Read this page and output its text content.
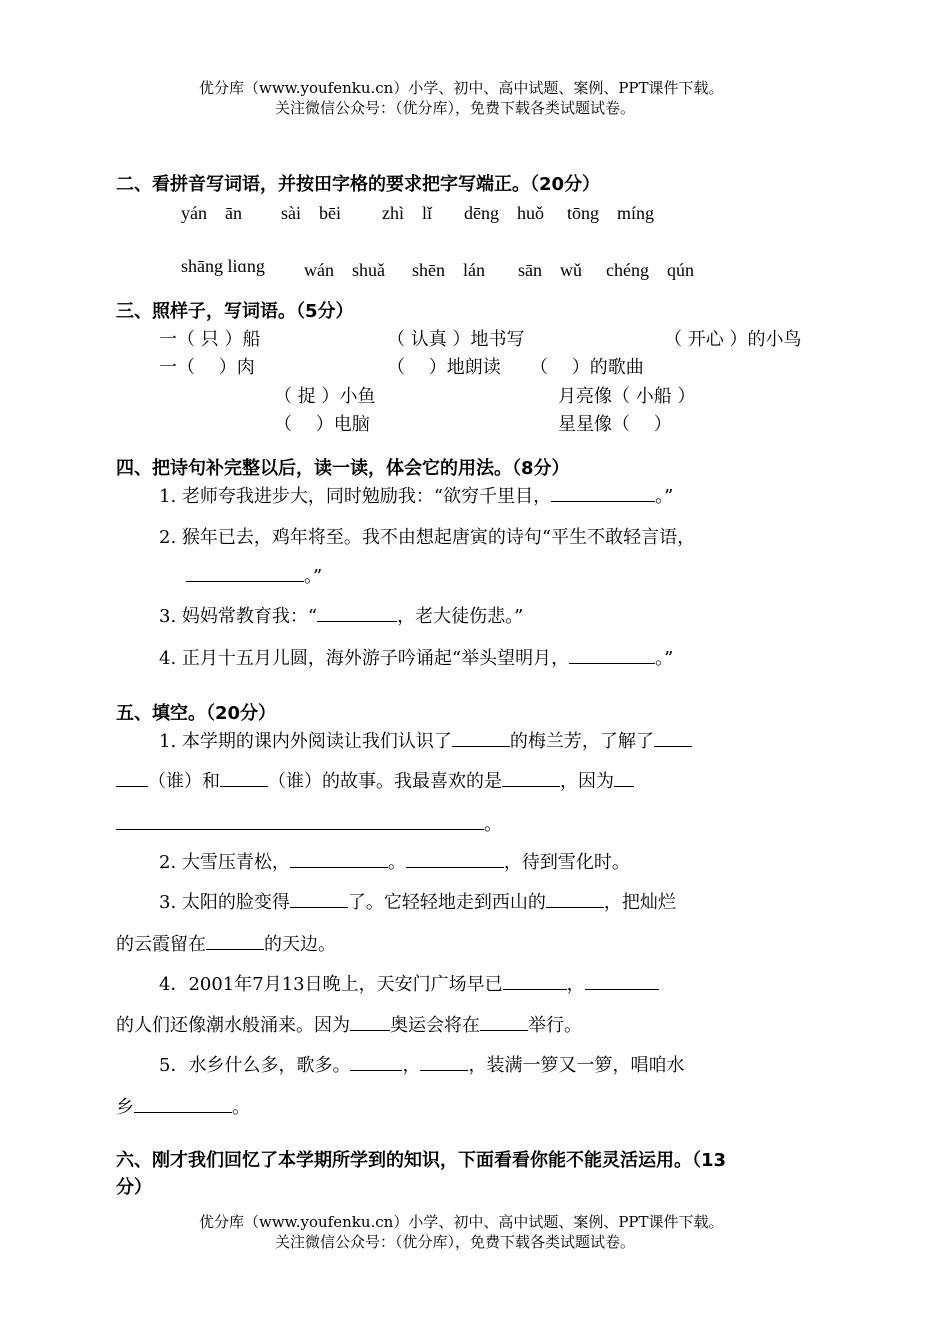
优分库（www.youfenku.cn）小学、初中、高中试题、案例、PPT课件下载。
关注微信公众号：（优分库），免费下载各类试题试卷。
二、看拼音写词语，并按田字格的要求把字写端正。（20分）
yán　ān sài　bēi zhì　lǐ dēng　huǒ tōng　míng
shāng liɑng wán　shuǎ shēn　lán sān　wǔ chéng　qún
三、照样子，写词语。（5分）
一（ 只 ）船	（ 认真 ）地书写	（ 开心 ）的小鸟
一（　 ）肉	（　 ）地朗读 （　 ）的歌曲
（ 捉 ）小鱼	月亮像（ 小船 ）
（　 ）电脑	星星像（　 ）
四、把诗句补完整以后，读一读，体会它的用法。（8分）
1. 老师夸我进步大，同时勉励我：“欲穷千里目，	。”
2. 猴年已去，鸡年将至。我不由想起唐寅的诗句“平生不敢轻言语，
。”
3. 妈妈常教育我：“	，老大徒伤悲。”
4. 正月十五月儿圆，海外游子吟诵起“举头望明月，	。”
五、填空。（20分）
1. 本学期的课内外阅读让我们认识了	的梅兰芳，了解了
（谁）和	（谁）的故事。我最喜欢的是	，因为
。
2. 大雪压青松，	。	，待到雪化时。
3. 太阳的脸变得	了。它轻轻地走到西山的	，把灿烂
的云霞留在	的天边。
4．2001年7月13日晚上，天安门广场早已	，
的人们还像潮水般涌来。因为 奥运会将在	举行。
5．水乡什么多，歌多。	，	，装满一箩又一箩，唱咱水
乡	。
六、刚才我们回忆了本学期所学到的知识，下面看看你能不能灵活运用。（13
分）
优分库（www.youfenku.cn）小学、初中、高中试题、案例、PPT课件下载。
关注微信公众号：（优分库），免费下载各类试题试卷。
